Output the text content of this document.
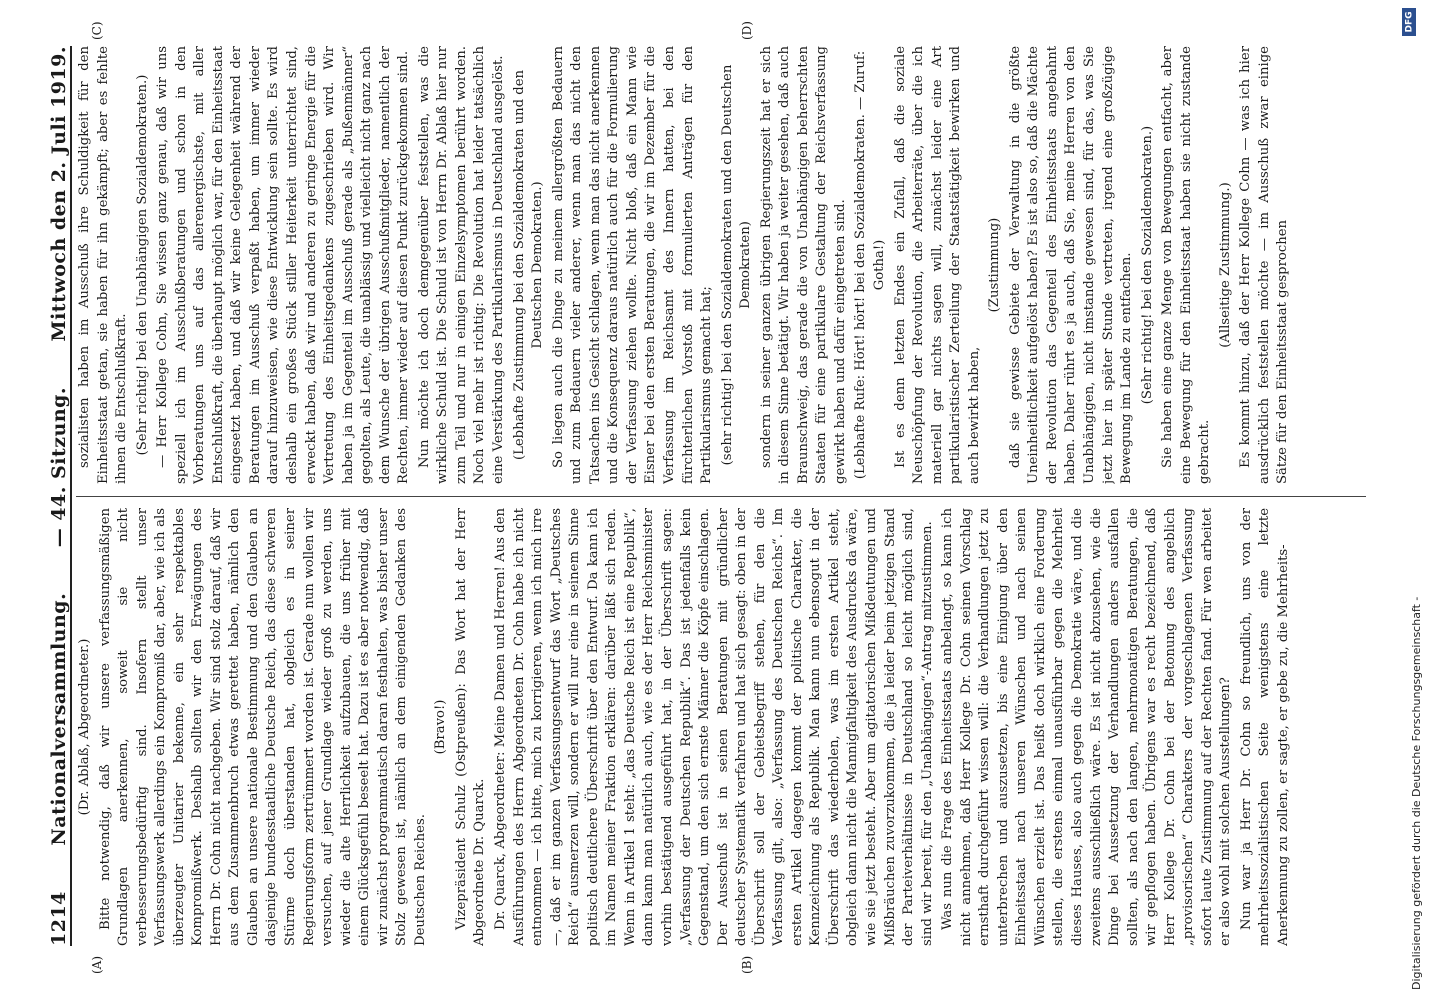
1214
Nationalversammlung.
— 44. Sitzung.
Mittwoch den 2. Juli 1919.
(A)	(B)
(C)	(D)

(Dr. Ablaß, Abgeordneter.) Bitte notwendig, daß wir unsere verfassungsmäßigen Grundlagen anerkennen, soweit sie nicht verbesserungsbedürftig sind. Insofern stellt unser Verfassungswerk allerdings ein Kompromiß dar, aber, wie ich als überzeugter Unitarier bekenne, ein sehr respektables Kompromißwerk. Deshalb sollten wir den Erwägungen des Herrn Dr. Cohn nicht nachgeben. Wir sind stolz darauf, daß wir aus dem Zusammenbruch etwas gerettet haben, nämlich den Glauben an unsere nationale Bestimmung und den Glauben an dasjenige bundesstaatliche Deutsche Reich, das diese schweren Stürme doch überstanden hat, obgleich es in seiner Regierungsform zertrümmert worden ist. Gerade nun wollen wir versuchen, auf jener Grundlage wieder groß zu werden, uns wieder die alte Herrlichkeit aufzubauen, die uns früher mit einem Glücksgefühl beseelt hat. Dazu ist es aber notwendig, daß wir zunächst programmatisch daran festhalten, was bisher unser Stolz gewesen ist, nämlich an dem einigenden Gedanken des Deutschen Reiches.

(Bravo!) Vizepräsident Schulz (Ostpreußen): Das Wort hat der Herr Abgeordnete Dr. Quarck. Dr. Quarck, Abgeordneter: Meine Damen und Herren! Aus den Ausführungen des Herrn Abgeordneten Dr. Cohn habe ich nicht entnommen — ich bitte, mich zu korrigieren, wenn ich mich irre —, daß er im ganzen Verfassungsentwurf das Wort „Deutsches Reich“ ausmerzen will, sondern er will nur eine in seinem Sinne politisch deutlichere Überschrift über den Entwurf. Da kann ich im Namen meiner Fraktion erklären: darüber läßt sich reden. Wenn in Artikel 1 steht: „das Deutsche Reich ist eine Republik“, dann kann man natürlich auch, wie es der Herr Reichsminister vorhin bestätigend ausgeführt hat, in der Überschrift sagen: „Verfassung der Deutschen Republik“. Das ist jedenfalls kein Gegenstand, um den sich ernste Männer die Köpfe einschlagen. Der Ausschuß ist in seinen Beratungen mit gründlicher deutscher Systematik verfahren und hat sich gesagt: oben in der Überschrift soll der Gebietsbegriff stehen, für den die Verfassung gilt, also: „Verfassung des Deutschen Reichs“. Im ersten Artikel dagegen kommt der politische Charakter, die Kennzeichnung als Republik. Man kann nun ebensogut in der Überschrift das wiederholen, was im ersten Artikel steht, obgleich dann nicht die Mannigfaltigkeit des Ausdrucks da wäre, wie sie jetzt besteht. Aber um agitatorischen Mißdeutungen und Mißbräuchen zuvorzukommen, die ja leider beim jetzigen Stand der Parteiverhältnisse in Deutschland so leicht möglich sind, sind wir bereit, für den „Unabhängigen“-Antrag mitzustimmen. Was nun die Frage des Einheitsstaats anbelangt, so kann ich nicht annehmen, daß Herr Kollege Dr. Cohn seinen Vorschlag ernsthaft durchgeführt wissen will: die Verhandlungen jetzt zu unterbrechen und auszusetzen, bis eine Einigung über den Einheitsstaat nach unseren Wünschen und nach seinen Wünschen erzielt ist. Das heißt doch wirklich eine Forderung stellen, die erstens einmal unausführbar gegen die Mehrheit dieses Hauses, also auch gegen die Demokratie wäre, und die zweitens ausschließlich wäre. Es ist nicht abzusehen, wie die Dinge bei Aussetzung der Verhandlungen anders ausfallen sollten, als nach den langen, mehrmonatigen Beratungen, die wir gepflogen haben. Übrigens war es recht bezeichnend, daß Herr Kollege Dr. Cohn bei der Betonung des angeblich „provisorischen“ Charakters der vorgeschlagenen Verfassung sofort laute Zustimmung auf der Rechten fand. Für wen arbeitet er also wohl mit solchen Ausstellungen? Nun war ja Herr Dr. Cohn so freundlich, uns von der mehrheitssozialistischen Seite wenigstens eine letzte Anerkennung zu zollen, er sagte, er gebe zu, die Mehrheits-

sozialisten haben im Ausschuß ihre Schuldigkeit für den Einheitsstaat getan, sie haben für ihn gekämpft; aber es fehlte ihnen die Entschlußkraft. (Sehr richtig! bei den Unabhängigen Sozialdemokraten.) — Herr Kollege Cohn, Sie wissen ganz genau, daß wir uns speziell ich im Ausschußberatungen und schon in den Vorberatungen uns auf das allerenergischste, mit aller Entschlußkraft, die überhaupt möglich war, für den Einheitsstaat eingesetzt haben, und daß wir keine Gelegenheit während der Beratungen im Ausschuß verpaßt haben, um immer wieder darauf hinzuweisen, wie diese Entwicklung sein sollte. Es wird deshalb ein großes Stück stiller Heiterkeit unterrichtet sind, erweckt haben, daß wir und anderen zu geringe Energie für die Vertretung des Einheitsgedankens zugeschrieben wird. Wir haben ja im Gegenteil im Ausschuß gerade als „Bußenmänner“ gegolten, als Leute, die unablässig und vielleicht nicht ganz nach dem Wunsche der übrigen Ausschußmitglieder, namentlich der Rechten, immer wieder auf diesen Punkt zurückgekommen sind. Nun möchte ich doch demgegenüber feststellen, was die wirkliche Schuld ist. Die Schuld ist von Herrn Dr. Ablaß hier nur zum Teil und nur in einigen Einzelsymptomen berührt worden. Noch viel mehr ist richtig: Die Revolution hat leider tatsächlich eine Verstärkung des Partikularismus in Deutschland ausgelöst. (Lebhafte Zustimmung bei den Sozialdemokraten und den Deutschen Demokraten.) So liegen auch die Dinge zu meinem allergrößten Bedauern und zum Bedauern vieler anderer, wenn man das nicht den Tatsachen ins Gesicht schlagen, wenn man das nicht anerkennen und die Konsequenz daraus natürlich auch für die Formulierung der Verfassung ziehen wollte. Nicht bloß, daß ein Mann wie Eisner bei den ersten Beratungen, die wir im Dezember für die Verfassung im Reichsamt des Innern hatten, bei den fürchterlichen Vorstoß mit formulierten Anträgen für den Partikularismus gemacht hat; (sehr richtig! bei den Sozialdemokraten und den Deutschen Demokraten) sondern in seiner ganzen übrigen Regierungszeit hat er sich in diesem Sinne betätigt. Wir haben ja weiter gesehen, daß auch Braunschweig, das gerade die von Unabhängigen beherrschten Staaten für eine partikulare Gestaltung der Reichsverfassung gewirkt haben und dafür eingetreten sind. (Lebhafte Rufe: Hört! hört! bei den Sozialdemokraten. — Zuruf: Gotha!) Ist es denn letzten Endes ein Zufall, daß die soziale Neuschöpfung der Revolution, die Arbeiterräte, über die ich materiell gar nichts sagen will, zunächst leider eine Art partikularistischer Zerteilung der Staatstätigkeit bewirken und auch bewirkt haben,

(Zustimmung) daß sie gewisse Gebiete der Verwaltung in die größte Uneinheitlichkeit aufgelöst haben? Es ist also so, daß die Mächte der Revolution das Gegenteil des Einheitsstaats angebahnt haben. Daher rührt es ja auch, daß Sie, meine Herren von den Unabhängigen, nicht imstande gewesen sind, für das, was Sie jetzt hier in später Stunde vertreten, irgend eine großzügige Bewegung im Lande zu entfachen. (Sehr richtig! bei den Sozialdemokraten.) Sie haben eine ganze Menge von Bewegungen entfacht, aber eine Bewegung für den Einheitsstaat haben sie nicht zustande gebracht.

(Allseitige Zustimmung.) Es kommt hinzu, daß der Herr Kollege Cohn — was ich hier ausdrücklich feststellen möchte — im Ausschuß zwar einige Sätze für den Einheitsstaat gesprochen

Digitalisierung gefördert durch die Deutsche Forschungsgemeinschaft -
DFG
